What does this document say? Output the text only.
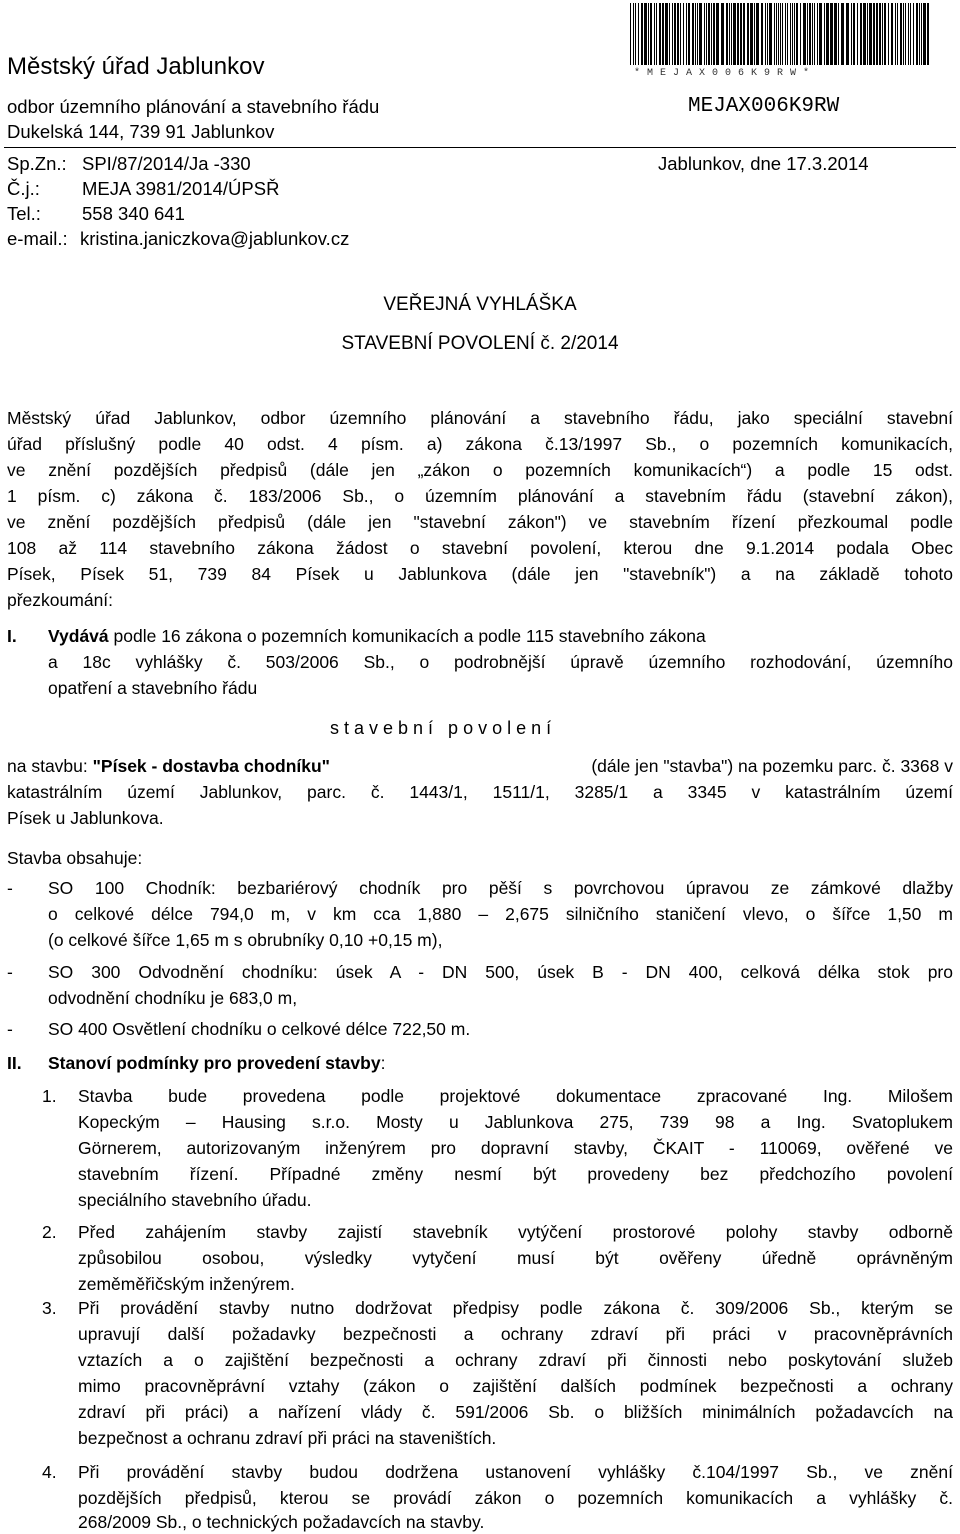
Městský úřad Jablunkov
odbor územního plánování a stavebního řádu
Dukelská 144, 739 91 Jablunkov
* M E J A X 0 0 6 K 9 R W *
MEJAX006K9RW
Sp.Zn.: SPI/87/2014/Ja -330	Jablunkov, dne 17.3.2014
Č.j.: MEJA 3981/2014/ÚPSŘ
Tel.: 558 340 641
e-mail.: kristina.janiczkova@jablunkov.cz
VEŘEJNÁ VYHLÁŠKA
STAVEBNÍ POVOLENÍ č. 2/2014
Městský úřad Jablunkov, odbor územního plánování a stavebního řádu, jako speciální stavební
úřad příslušný podle 40 odst. 4 písm. a) zákona č.13/1997 Sb., o pozemních komunikacích,
ve znění pozdějších předpisů (dále jen „zákon o pozemních komunikacích“) a podle 15 odst.
1 písm. c) zákona č. 183/2006 Sb., o územním plánování a stavebním řádu (stavební zákon),
ve znění pozdějších předpisů (dále jen "stavební zákon") ve stavebním řízení přezkoumal podle
108 až 114 stavebního zákona žádost o stavební povolení, kterou dne 9.1.2014 podala Obec
Písek, Písek 51, 739 84 Písek u Jablunkova (dále jen "stavebník") a na základě tohoto
přezkoumání:
I. Vydává podle 16 zákona o pozemních komunikacích a podle 115 stavebního zákona
a 18c vyhlášky č. 503/2006 Sb., o podrobnější úpravě územního rozhodování, územního
opatření a stavebního řádu
s t a v e b n í   p o v o l e n í
na stavbu: "Písek - dostavba chodníku"	(dále jen "stavba") na pozemku parc. č. 3368 v
katastrálním území Jablunkov, parc. č. 1443/1, 1511/1, 3285/1 a 3345 v katastrálním území
Písek u Jablunkova.
Stavba obsahuje:
- SO 100 Chodník: bezbariérový chodník pro pěší s povrchovou úpravou ze zámkové dlažby
o celkové délce 794,0 m, v km cca 1,880 – 2,675 silničního staničení vlevo, o šířce 1,50 m
(o celkové šířce 1,65 m s obrubníky 0,10 +0,15 m),
- SO 300 Odvodnění chodníku: úsek A - DN 500, úsek B - DN 400, celková délka stok pro
odvodnění chodníku je 683,0 m,
- SO 400 Osvětlení chodníku o celkové délce 722,50 m.
II. Stanoví podmínky pro provedení stavby:
1. Stavba bude provedena podle projektové dokumentace zpracované Ing. Milošem
Kopeckým – Hausing s.r.o. Mosty u Jablunkova 275, 739 98 a Ing. Svatoplukem
Görnerem, autorizovaným inženýrem pro dopravní stavby, ČKAIT - 110069, ověřené ve
stavebním řízení. Případné změny nesmí být provedeny bez předchozího povolení
speciálního stavebního úřadu.
2. Před zahájením stavby zajistí stavebník vytýčení prostorové polohy stavby odborně
způsobilou osobou, výsledky vytyčení musí být ověřeny úředně oprávněným
zeměměřičským inženýrem.
3. Při provádění stavby nutno dodržovat předpisy podle zákona č. 309/2006 Sb., kterým se
upravují další požadavky bezpečnosti a ochrany zdraví při práci v pracovněprávních
vztazích a o zajištění bezpečnosti a ochrany zdraví při činnosti nebo poskytování služeb
mimo pracovněprávní vztahy (zákon o zajištění dalších podmínek bezpečnosti a ochrany
zdraví při práci) a nařízení vlády č. 591/2006 Sb. o bližších minimálních požadavcích na
bezpečnost a ochranu zdraví při práci na staveništích.
4. Při provádění stavby budou dodržena ustanovení vyhlášky č.104/1997 Sb., ve znění
pozdějších předpisů, kterou se provádí zákon o pozemních komunikacích a vyhlášky č.
268/2009 Sb., o technických požadavcích na stavby.
